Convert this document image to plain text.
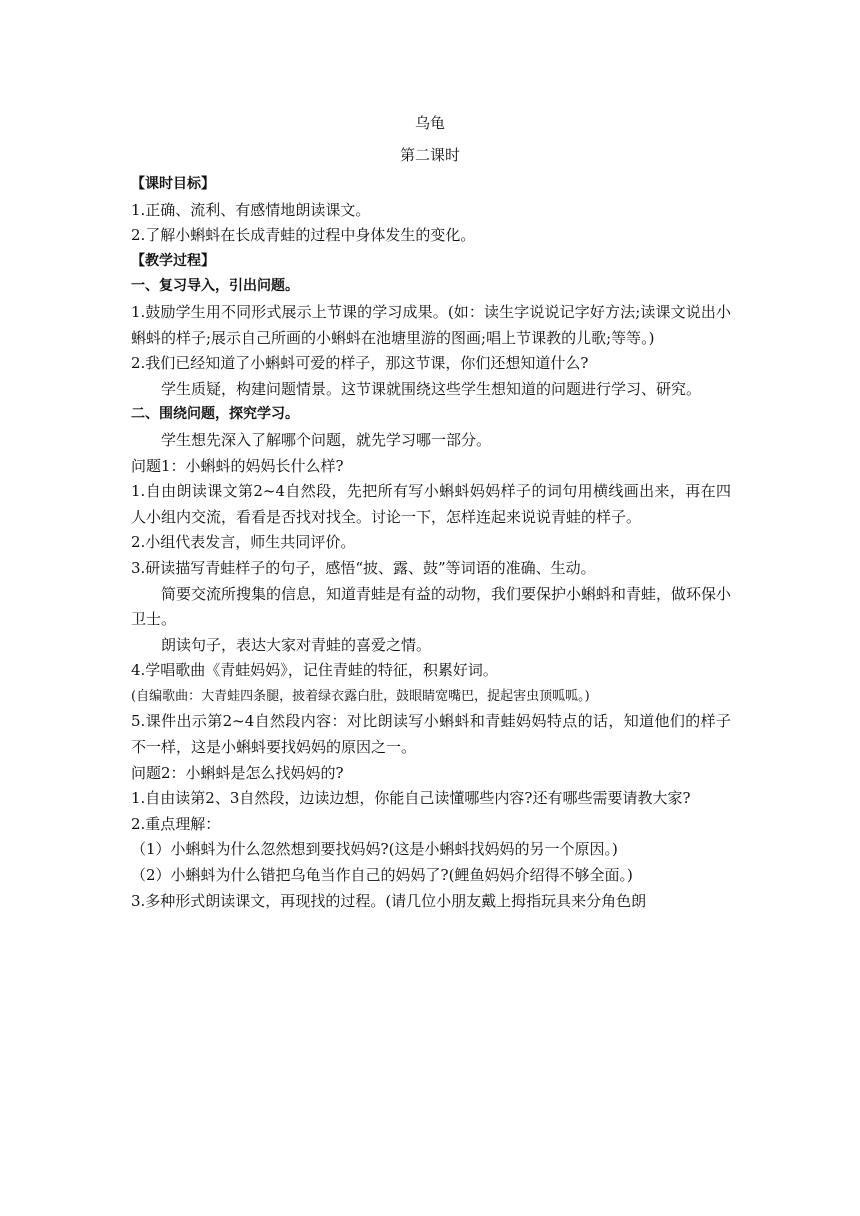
乌龟
第二课时

【课时目标】

1.正确、流利、有感情地朗读课文。

2.了解小蝌蚪在长成青蛙的过程中身体发生的变化。

【教学过程】

一、复习导入，引出问题。

1.鼓励学生用不同形式展示上节课的学习成果。(如：读生字说说记字好方法;读课文说出小蝌蚪的样子;展示自己所画的小蝌蚪在池塘里游的图画;唱上节课教的儿歌;等等。)

2.我们已经知道了小蝌蚪可爱的样子，那这节课，你们还想知道什么?

学生质疑，构建问题情景。这节课就围绕这些学生想知道的问题进行学习、研究。

二、围绕问题，探究学习。

学生想先深入了解哪个问题，就先学习哪一部分。

问题1：小蝌蚪的妈妈长什么样?

1.自由朗读课文第2~4自然段，先把所有写小蝌蚪妈妈样子的词句用横线画出来，再在四人小组内交流，看看是否找对找全。讨论一下，怎样连起来说说青蛙的样子。

2.小组代表发言，师生共同评价。

3.研读描写青蛙样子的句子，感悟“披、露、鼓”等词语的准确、生动。

简要交流所搜集的信息，知道青蛙是有益的动物，我们要保护小蝌蚪和青蛙，做环保小卫士。

朗读句子，表达大家对青蛙的喜爱之情。

4.学唱歌曲《青蛙妈妈》，记住青蛙的特征，积累好词。

(自编歌曲：大青蛙四条腿，披着绿衣露白肚，鼓眼睛宽嘴巴，捉起害虫顶呱呱。)

5.课件出示第2~4自然段内容：对比朗读写小蝌蚪和青蛙妈妈特点的话，知道他们的样子不一样，这是小蝌蚪要找妈妈的原因之一。

问题2：小蝌蚪是怎么找妈妈的?

1.自由读第2、3自然段，边读边想，你能自己读懂哪些内容?还有哪些需要请教大家?

2.重点理解：

（1）小蝌蚪为什么忽然想到要找妈妈?(这是小蝌蚪找妈妈的另一个原因。)

（2）小蝌蚪为什么错把乌龟当作自己的妈妈了?(鲤鱼妈妈介绍得不够全面。)

3.多种形式朗读课文，再现找的过程。(请几位小朋友戴上拇指玩具来分角色朗
